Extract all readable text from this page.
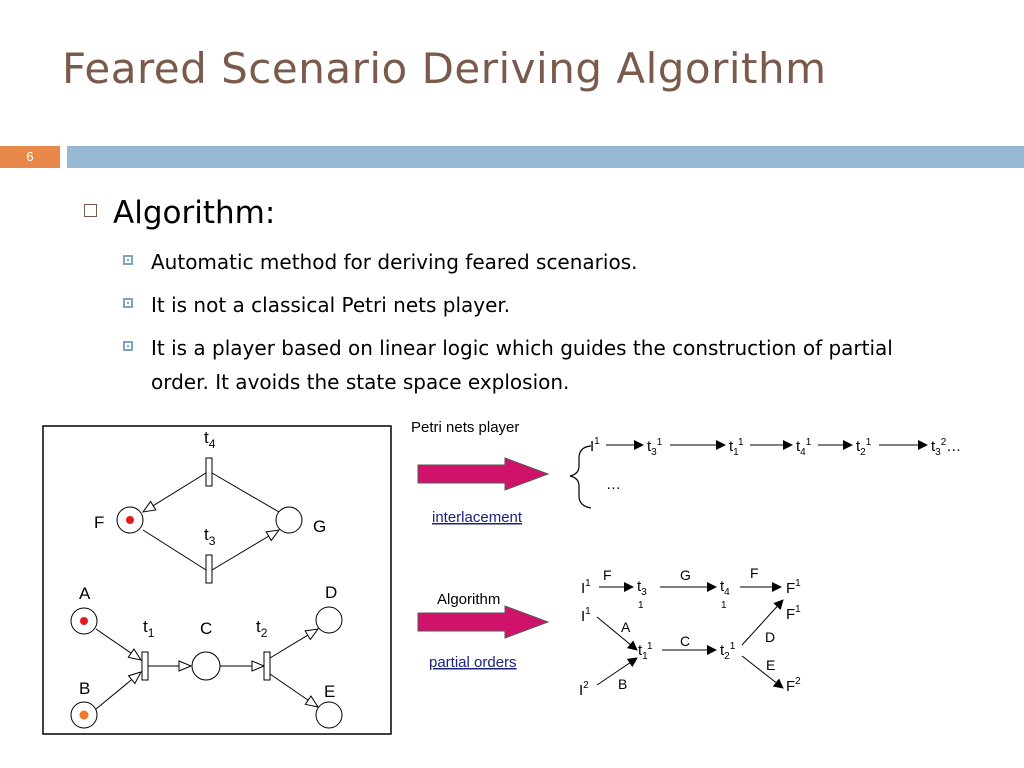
Feared Scenario Deriving Algorithm
6
Algorithm:
Automatic method for deriving feared scenarios.
It is not a classical Petri nets player.
It is a player based on linear logic which guides the construction of partial order. It avoids the state space explosion.
$t_4$
$t_3$
$t_1$	$t_2$
F	G
A
B
C
D
E
Petri nets player
interlacement
Algorithm
partial orders
$I^1$	$t_3^1$	$t_1^1$	$t_4^1$	$t_2^1$	$t_3^2\dots$
…
$I^1$	$t_3$
1
$t_4$
1
$F^1$
$I^1$
$t_1^1$	$t_2^1$
$F^1$
$I^2$	$F^2$
F	G	F
A
C	D
E
B
